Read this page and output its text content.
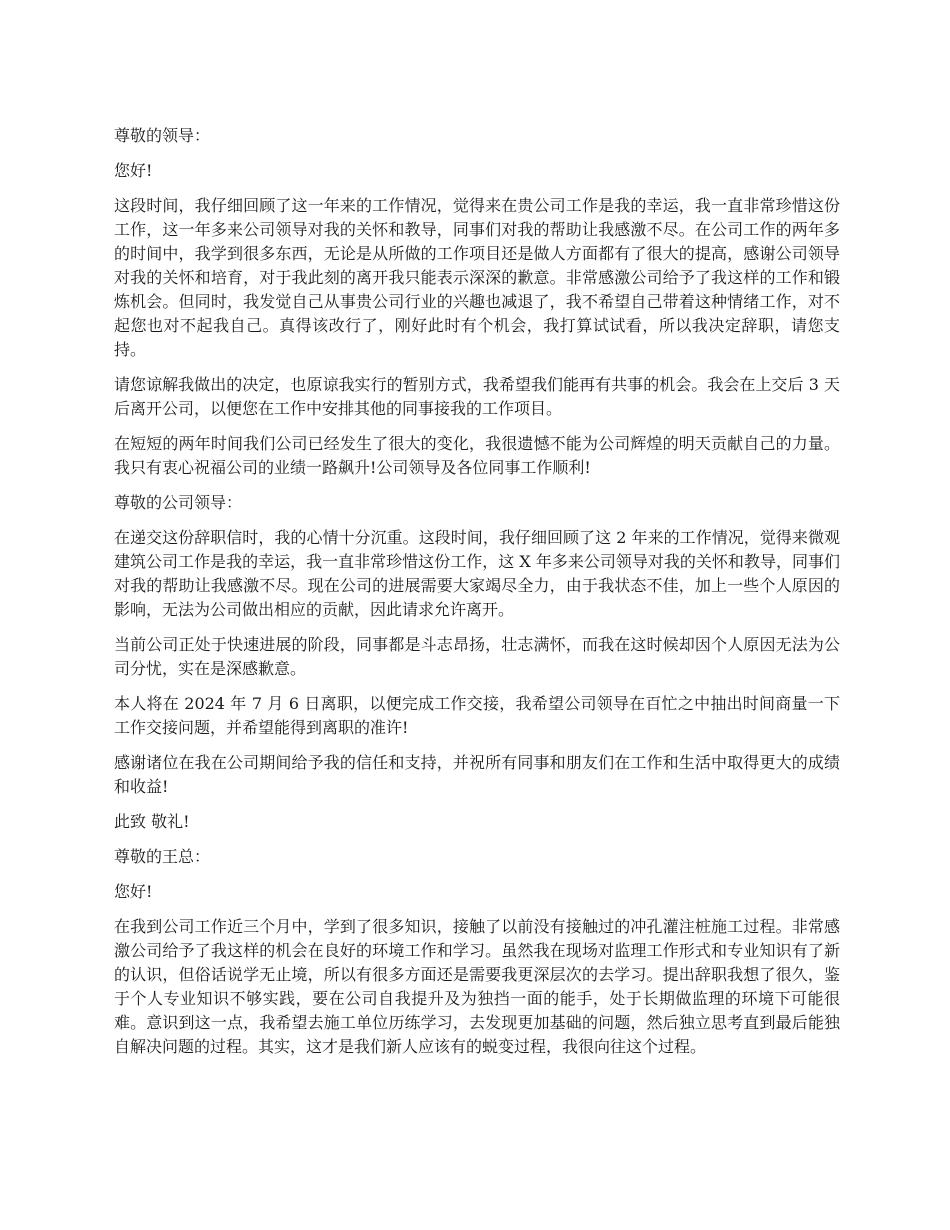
尊敬的领导：

您好!

这段时间，我仔细回顾了这一年来的工作情况，觉得来在贵公司工作是我的幸运，我一直非常珍惜这份工作，这一年多来公司领导对我的关怀和教导，同事们对我的帮助让我感激不尽。在公司工作的两年多的时间中，我学到很多东西，无论是从所做的工作项目还是做人方面都有了很大的提高，感谢公司领导对我的关怀和培育，对于我此刻的离开我只能表示深深的歉意。非常感激公司给予了我这样的工作和锻炼机会。但同时，我发觉自己从事贵公司行业的兴趣也减退了，我不希望自己带着这种情绪工作，对不起您也对不起我自己。真得该改行了，刚好此时有个机会，我打算试试看，所以我决定辞职，请您支持。

请您谅解我做出的决定，也原谅我实行的暂别方式，我希望我们能再有共事的机会。我会在上交后 3 天后离开公司，以便您在工作中安排其他的同事接我的工作项目。

在短短的两年时间我们公司已经发生了很大的变化，我很遗憾不能为公司辉煌的明天贡献自己的力量。我只有衷心祝福公司的业绩一路飙升!公司领导及各位同事工作顺利!

尊敬的公司领导：

在递交这份辞职信时，我的心情十分沉重。这段时间，我仔细回顾了这 2 年来的工作情况，觉得来微观建筑公司工作是我的幸运，我一直非常珍惜这份工作，这 X 年多来公司领导对我的关怀和教导，同事们对我的帮助让我感激不尽。现在公司的进展需要大家竭尽全力，由于我状态不佳，加上一些个人原因的影响，无法为公司做出相应的贡献，因此请求允许离开。

当前公司正处于快速进展的阶段，同事都是斗志昂扬，壮志满怀，而我在这时候却因个人原因无法为公司分忧，实在是深感歉意。

本人将在 2024 年 7 月 6 日离职，以便完成工作交接，我希望公司领导在百忙之中抽出时间商量一下工作交接问题，并希望能得到离职的准许!

感谢诸位在我在公司期间给予我的信任和支持，并祝所有同事和朋友们在工作和生活中取得更大的成绩和收益!

此致 敬礼!

尊敬的王总：

您好!

在我到公司工作近三个月中，学到了很多知识，接触了以前没有接触过的冲孔灌注桩施工过程。非常感激公司给予了我这样的机会在良好的环境工作和学习。虽然我在现场对监理工作形式和专业知识有了新的认识，但俗话说学无止境，所以有很多方面还是需要我更深层次的去学习。提出辞职我想了很久，鉴于个人专业知识不够实践，要在公司自我提升及为独挡一面的能手，处于长期做监理的环境下可能很难。意识到这一点，我希望去施工单位历练学习，去发现更加基础的问题，然后独立思考直到最后能独自解决问题的过程。其实，这才是我们新人应该有的蜕变过程，我很向往这个过程。
